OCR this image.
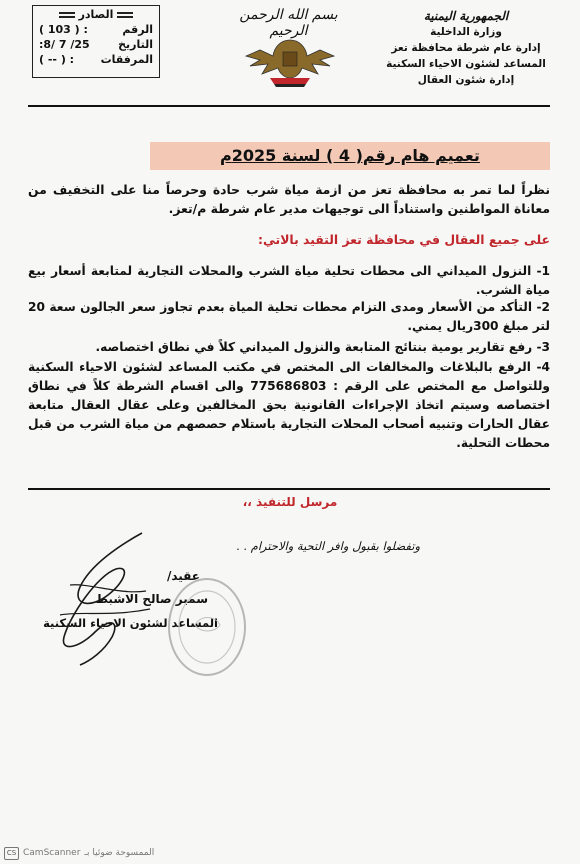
الصادر
الرقم
: ( 103 )
التاريخ
:8/ 7 /25
المرفقات
: ( -- )
بسم الله الرحمن الرحيم
الجمهورية اليمنية
وزارة الداخلية
إدارة عام شرطة محافظة تعز
المساعد لشئون الاحياء السكنية
إدارة شئون العقال
تعميم هام رقم( 4 ) لسنة 2025م
نظراً لما تمر به محافظة تعز من ازمة مياة شرب حادة وحرصاً منا على التخفيف من معاناة المواطنين واستناداً الى توجيهات مدير عام شرطة م/تعز.
على جميع العقال في محافظة تعز التقيد بالاتي:
1- النزول الميداني الى محطات تحلية مياة الشرب والمحلات التجارية لمتابعة أسعار بيع مياة الشرب.
2- التأكد من الأسعار ومدى التزام محطات تحلية المياة بعدم تجاوز سعر الجالون سعة 20 لتر مبلغ 300ريال يمني.
3- رفع تقارير يومية بنتائج المتابعة والنزول الميداني كلاً في نطاق اختصاصه.
4- الرفع بالبلاغات والمخالفات الى المختص في مكتب المساعد لشئون الاحياء السكنية وللتواصل مع المختص على الرقم : 775686803 والى اقسام الشرطة كلاً في نطاق اختصاصه وسيتم اتخاذ الإجراءات القانونية بحق المخالفين وعلى عقال العقال متابعة عقال الحارات وتنبيه أصحاب المحلات التجارية باستلام حصصهم من مياة الشرب من قبل محطات التحلية.
مرسل للتنفيذ ،،
وتفضلوا بقبول وافر التحية والاحترام . .
عقيد/
سمير صالح الاشبط
المساعد لشئون الاحياء السكنية
CS CamScanner الممسوحة ضوئيا بـ
